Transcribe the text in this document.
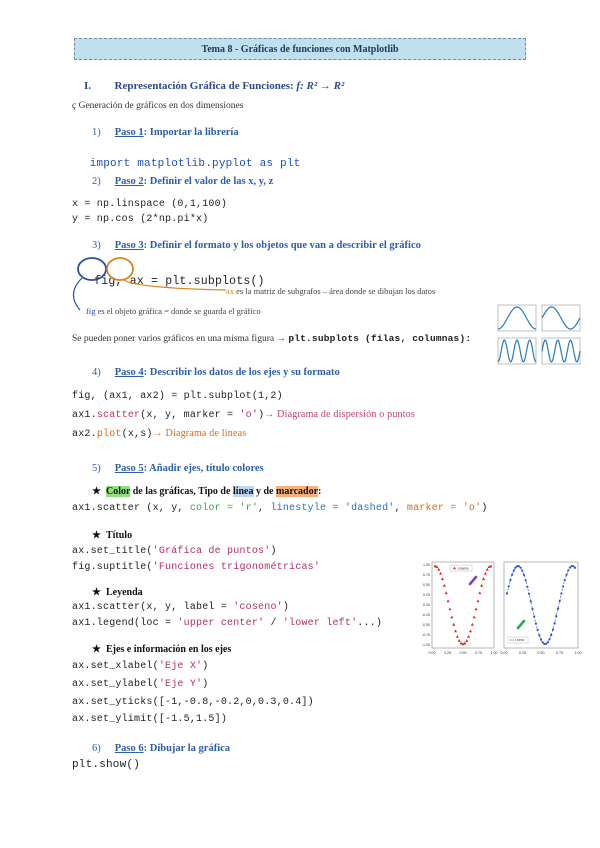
Tema 8 - Gráficas de funciones con Matplotlib
I. Representación Gráfica de Funciones: f: R² → R²
ç Generación de gráficos en dos dimensiones
1) Paso 1: Importar la librería

import matplotlib.pyplot as plt

2) Paso 2: Definir el valor de las x, y, z
x = np.linspace (0,1,100)
y = np.cos (2*np.pi*x)
3) Paso 3: Definir el formato y los objetos que van a describir el gráfico

fig, ax = plt.subplots()

ax es la matriz de subgrafos – área donde se dibujan los datos
fig es el objeto gráfica = donde se guarda el gráfico
Se pueden poner varios gráficos en una misma figura → plt.subplots (filas, columnas):
4) Paso 4: Describir los datos de los ejes y su formato
fig, (ax1, ax2) = plt.subplot(1,2)
ax1.scatter(x, y, marker = 'o')→ Diagrama de dispersión o puntos
ax2.plot(x,s)→ Diagrama de líneas
5) Paso 5: Añadir ejes, título colores
★ Color de las gráficas, Tipo de línea y de marcador:
ax1.scatter (x, y, color = 'r', linestyle = 'dashed', marker = 'o')
★ Título
ax.set_title('Gráfica de puntos')
fig.suptitle('Funciones trigonométricas'
★ Leyenda
ax1.scatter(x, y, label = 'coseno')
ax1.legend(loc = 'upper center' / 'lower left'...)
★ Ejes e información en los ejes
ax.set_xlabel('Eje X')
ax.set_ylabel('Eje Y')
ax.set_yticks([-1,-0.8,-0.2,0,0.3,0.4])
ax.set_ylimit([-1.5,1.5])
1.00
0.75
0.50
0.25
0.00
-0.25
-0.50
-0.75
-1.00
0.00 0.25 0.50 0.75 1.00
coseno
0.00	0.25	0.50	0.75	1.00
seno
6) Paso 6: Dibujar la gráfica
plt.show()
